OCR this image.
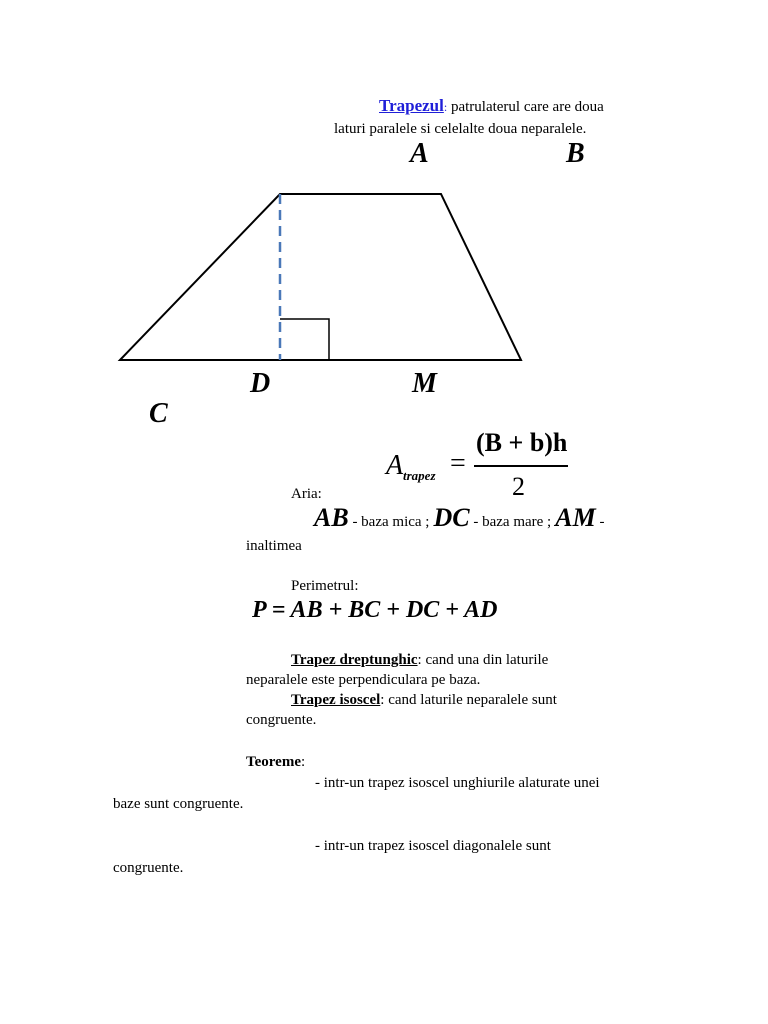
Trapezul: patrulaterul care are doua
laturi paralele si celelalte doua neparalele.
A	B
D	M
C
A trapez =
(B + b)h
2
Aria:
AB - baza mica ; DC - baza mare ; AM -
inaltimea
Perimetrul:
P = AB + BC + DC + AD
Trapez dreptunghic: cand una din laturile
neparalele este perpendiculara pe baza.
Trapez isoscel: cand laturile neparalele sunt
congruente.
Teoreme:
- intr-un trapez isoscel unghiurile alaturate unei
baze sunt congruente.
- intr-un trapez isoscel diagonalele sunt
congruente.
